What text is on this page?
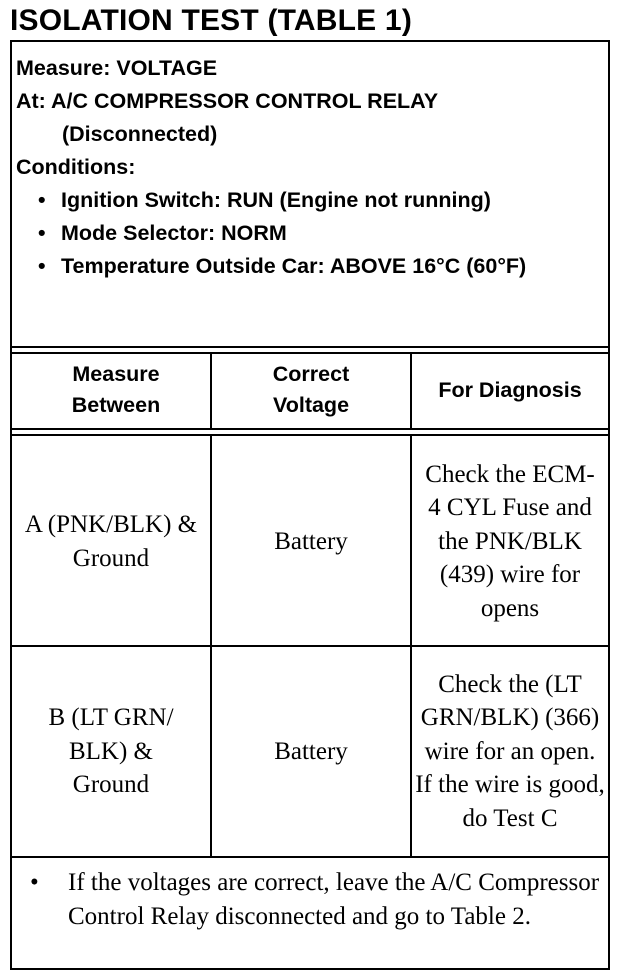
ISOLATION TEST (TABLE 1)
Measure: VOLTAGE
At: A/C COMPRESSOR CONTROL RELAY
(Disconnected)
Conditions:
• Ignition Switch: RUN (Engine not running)
• Mode Selector: NORM
• Temperature Outside Car: ABOVE 16°C (60°F)
Measure Between
Correct Voltage
For Diagnosis
A (PNK/BLK) & Ground
Battery
Check the ECM-4 CYL Fuse and the PNK/BLK (439) wire for opens
B (LT GRN/ BLK) & Ground
Battery
Check the (LT GRN/BLK) (366) wire for an open. If the wire is good, do Test C
• If the voltages are correct, leave the A/C Compressor Control Relay disconnected and go to Table 2.
